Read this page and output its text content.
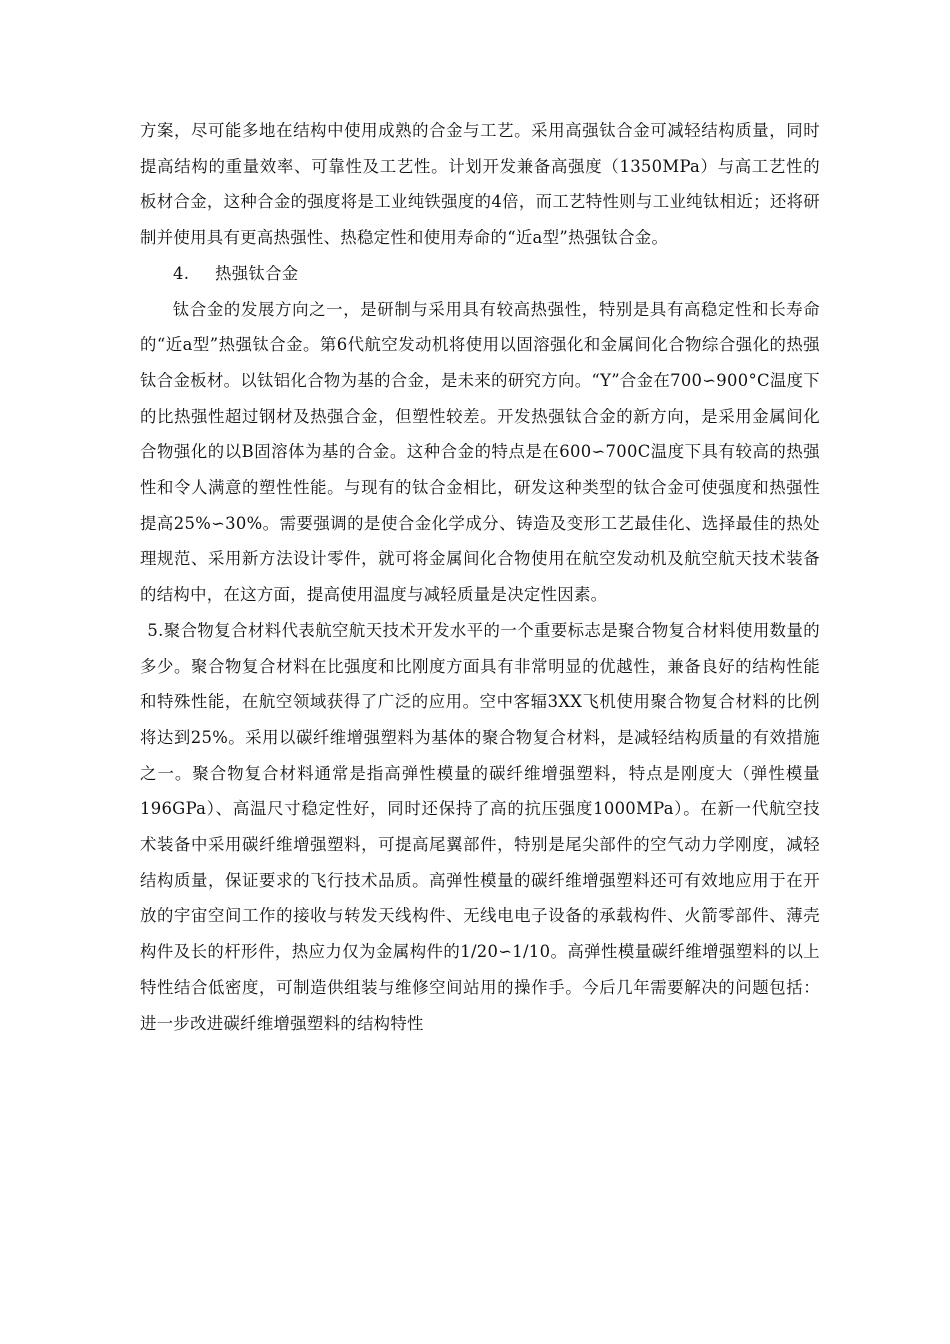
方案，尽可能多地在结构中使用成熟的合金与工艺。采用高强钛合金可减轻结构质量，同时提高结构的重量效率、可靠性及工艺性。计划开发兼备高强度（1350MPa）与高工艺性的板材合金，这种合金的强度将是工业纯铁强度的4倍，而工艺特性则与工业纯钛相近；还将研制并使用具有更高热强性、热稳定性和使用寿命的“近a型”热强钛合金。

4. 热强钛合金

钛合金的发展方向之一，是研制与采用具有较高热强性，特别是具有高稳定性和长寿命的“近a型”热强钛合金。第6代航空发动机将使用以固溶强化和金属间化合物综合强化的热强钛合金板材。以钛铝化合物为基的合金，是未来的研究方向。“Y”合金在700∽900°C温度下的比热强性超过钢材及热强合金，但塑性较差。开发热强钛合金的新方向，是采用金属间化合物强化的以B固溶体为基的合金。这种合金的特点是在600∽700C温度下具有较高的热强性和令人满意的塑性性能。与现有的钛合金相比，研发这种类型的钛合金可使强度和热强性提高25%∽30%。需要强调的是使合金化学成分、铸造及变形工艺最佳化、选择最佳的热处理规范、采用新方法设计零件，就可将金属间化合物使用在航空发动机及航空航天技术装备的结构中，在这方面，提高使用温度与减轻质量是决定性因素。

5.聚合物复合材料代表航空航天技术开发水平的一个重要标志是聚合物复合材料使用数量的多少。聚合物复合材料在比强度和比刚度方面具有非常明显的优越性，兼备良好的结构性能和特殊性能，在航空领域获得了广泛的应用。空中客辐3XX飞机使用聚合物复合材料的比例将达到25%。采用以碳纤维增强塑料为基体的聚合物复合材料，是减轻结构质量的有效措施之一。聚合物复合材料通常是指高弹性模量的碳纤维增强塑料，特点是刚度大（弹性模量196GPa）、高温尺寸稳定性好，同时还保持了高的抗压强度1000MPa）。在新一代航空技术装备中采用碳纤维增强塑料，可提高尾翼部件，特别是尾尖部件的空气动力学刚度，减轻结构质量，保证要求的飞行技术品质。高弹性模量的碳纤维增强塑料还可有效地应用于在开放的宇宙空间工作的接收与转发天线构件、无线电电子设备的承载构件、火箭零部件、薄壳构件及长的杆形件，热应力仅为金属构件的1/20∽1/10。高弹性模量碳纤维增强塑料的以上特性结合低密度，可制造供组装与维修空间站用的操作手。今后几年需要解决的问题包括：进一步改进碳纤维增强塑料的结构特性
